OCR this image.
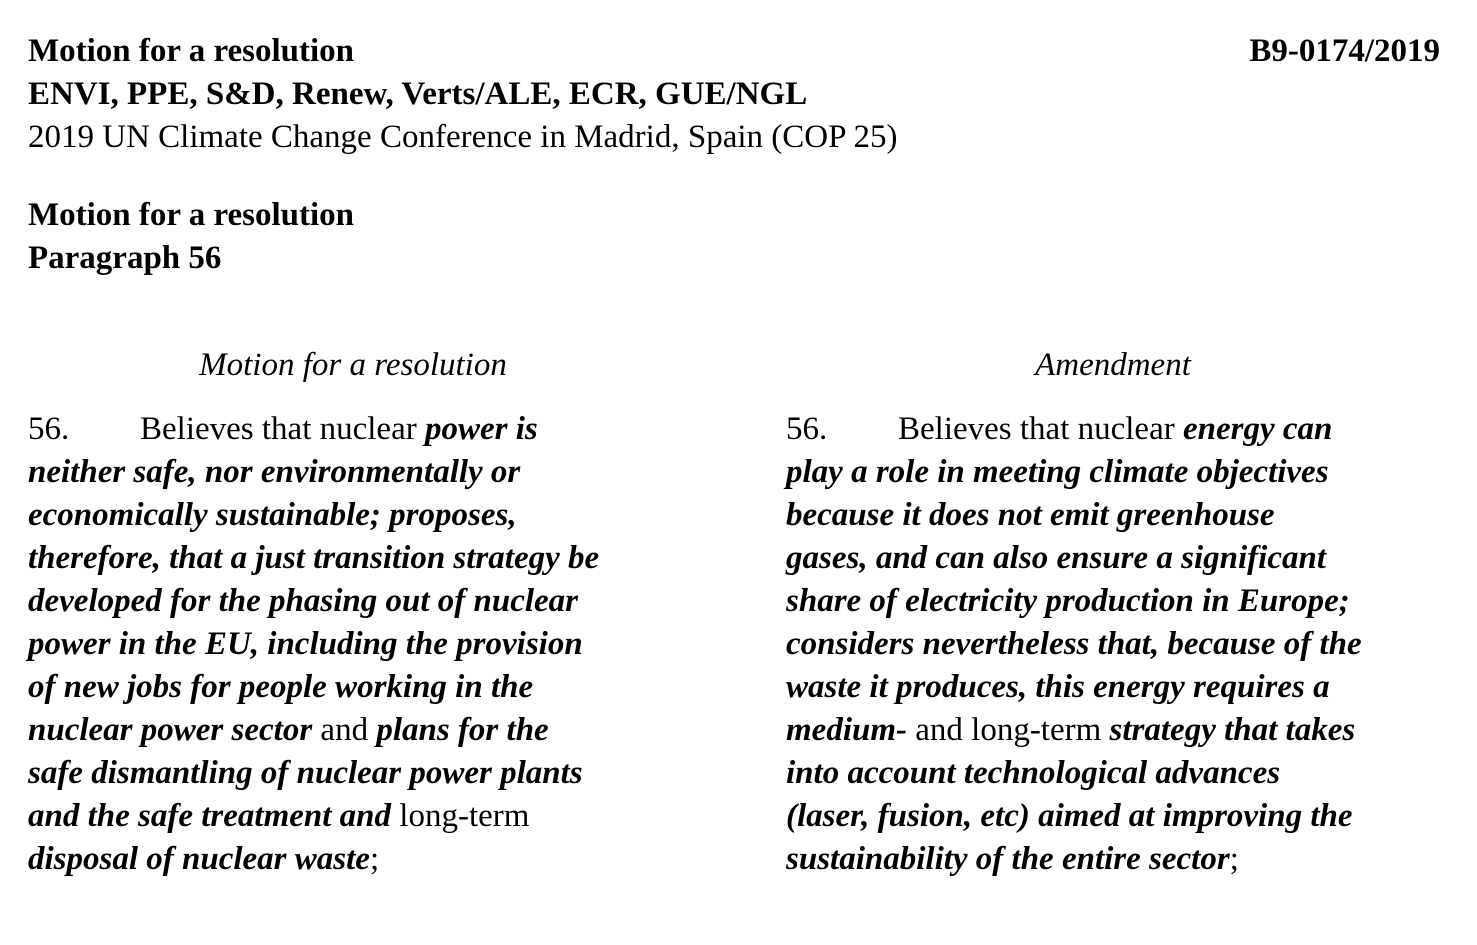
Motion for a resolution	B9-0174/2019
ENVI, PPE, S&D, Renew, Verts/ALE, ECR, GUE/NGL
2019 UN Climate Change Conference in Madrid, Spain (COP 25)
Motion for a resolution
Paragraph 56
Motion for a resolution	Amendment
56. Believes that nuclear power is
neither safe, nor environmentally or
economically sustainable; proposes,
therefore, that a just transition strategy be
developed for the phasing out of nuclear
power in the EU, including the provision
of new jobs for people working in the
nuclear power sector and plans for the
safe dismantling of nuclear power plants
and the safe treatment and long-term
disposal of nuclear waste;
56. Believes that nuclear energy can
play a role in meeting climate objectives
because it does not emit greenhouse
gases, and can also ensure a significant
share of electricity production in Europe;
considers nevertheless that, because of the
waste it produces, this energy requires a
medium- and long-term strategy that takes
into account technological advances
(laser, fusion, etc) aimed at improving the
sustainability of the entire sector;
